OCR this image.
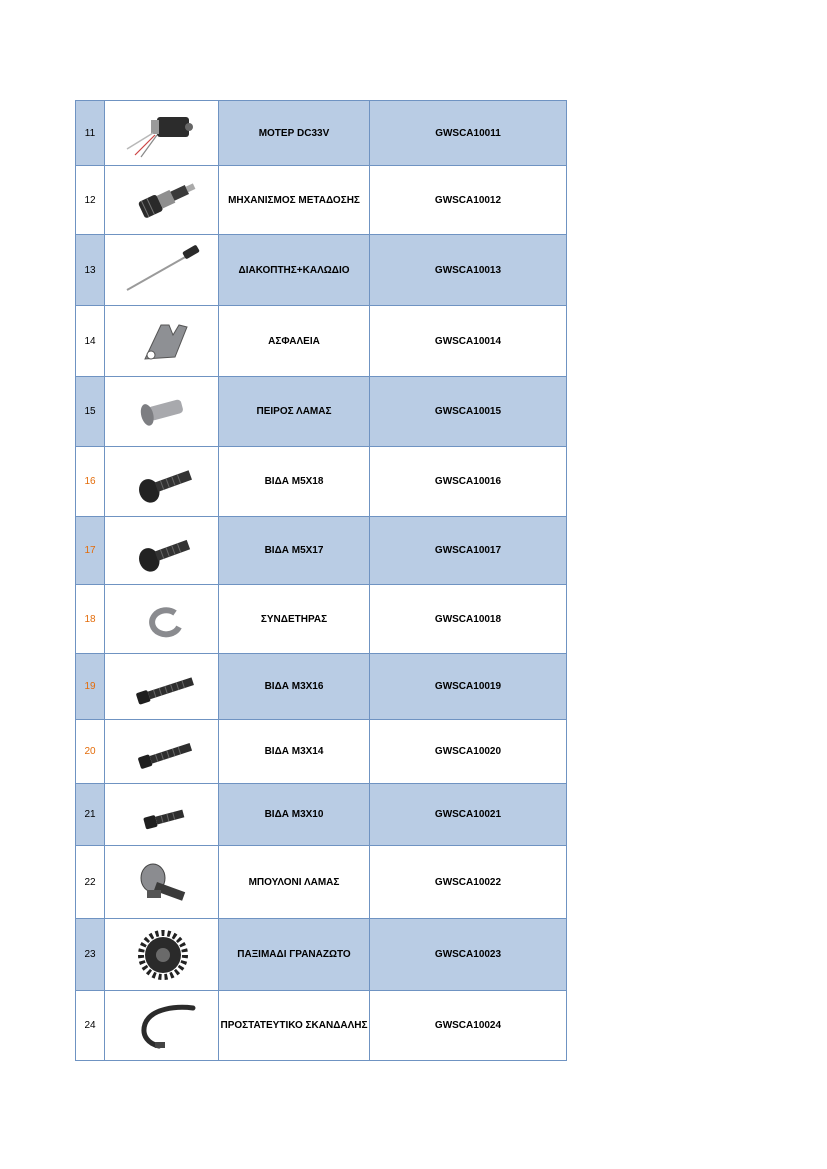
11		ΜΟΤΕΡ DC33V	GWSCA10011
12		ΜΗΧΑΝΙΣΜΟΣ ΜΕΤΑΔΟΣΗΣ	GWSCA10012
13		ΔΙΑΚΟΠΤΗΣ+ΚΑΛΩΔΙΟ	GWSCA10013
14		ΑΣΦΑΛΕΙΑ	GWSCA10014
15		ΠΕΙΡΟΣ ΛΑΜΑΣ	GWSCA10015
16		ΒΙΔΑ M5X18	GWSCA10016
17		ΒΙΔΑ M5X17	GWSCA10017
18		ΣΥΝΔΕΤΗΡΑΣ	GWSCA10018
19		ΒΙΔΑ M3X16	GWSCA10019
20		ΒΙΔΑ M3X14	GWSCA10020
21		ΒΙΔΑ M3X10	GWSCA10021
22		ΜΠΟΥΛΟΝΙ ΛΑΜΑΣ	GWSCA10022
23		ΠΑΞΙΜΑΔΙ ΓΡΑΝΑΖΩΤΟ	GWSCA10023
24		ΠΡΟΣΤΑΤΕΥΤΙΚΟ ΣΚΑΝΔΑΛΗΣ	GWSCA10024
